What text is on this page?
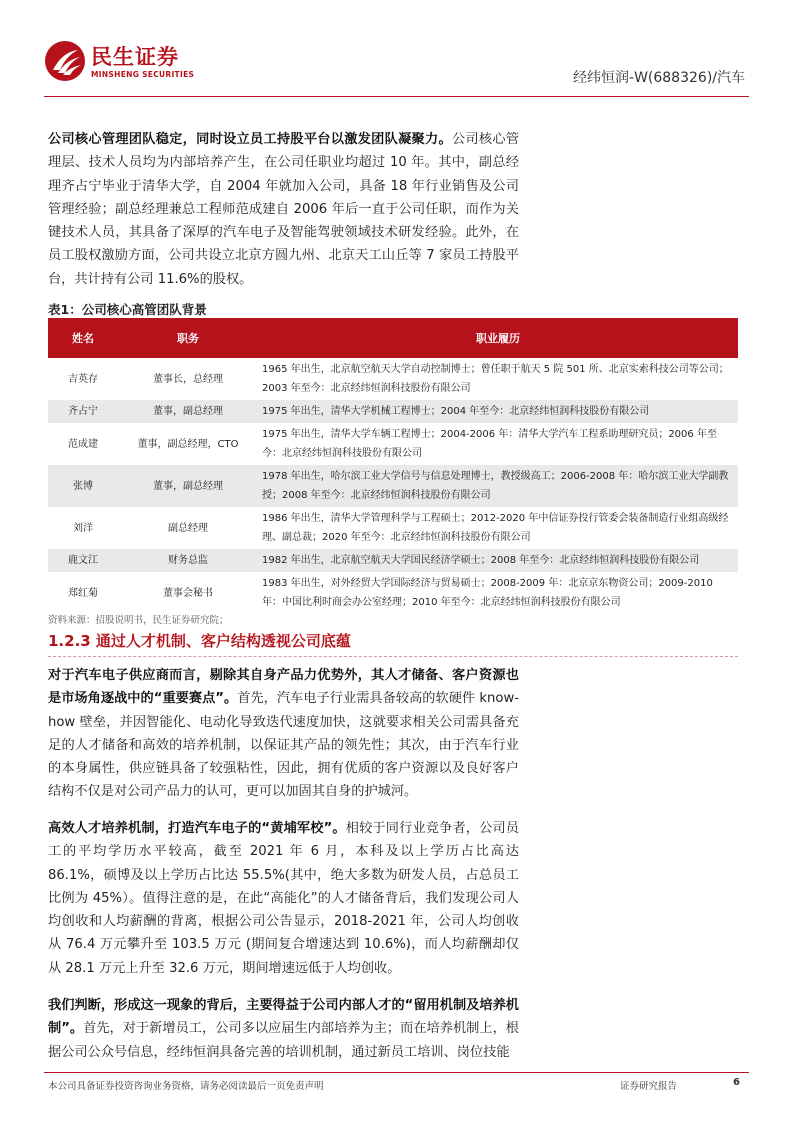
民生证券
MINSHENG SECURITIES	经纬恒润-W(688326)/汽车

公司核心管理团队稳定，同时设立员工持股平台以激发团队凝聚力。公司核心管理层、技术人员均为内部培养产生，在公司任职业均超过 10 年。其中，副总经理齐占宁毕业于清华大学，自 2004 年就加入公司，具备 18 年行业销售及公司管理经验；副总经理兼总工程师范成建自 2006 年后一直于公司任职，而作为关键技术人员，其具备了深厚的汽车电子及智能驾驶领域技术研发经验。此外，在员工股权激励方面，公司共设立北京方圆九州、北京天工山丘等 7 家员工持股平台，共计持有公司 11.6%的股权。

表1：公司核心高管团队背景
姓名	职务	职业履历
吉英存	董事长，总经理	1965 年出生，北京航空航天大学自动控制博士；曾任职于航天 5 院 501 所、北京实索科技公司等公司；2003 年至今：北京经纬恒润科技股份有限公司
齐占宁	董事，副总经理	1975 年出生，清华大学机械工程博士；2004 年至今：北京经纬恒润科技股份有限公司
范成建	董事，副总经理，CTO	1975 年出生，清华大学车辆工程博士；2004-2006 年：清华大学汽车工程系助理研究员；2006 年至今：北京经纬恒润科技股份有限公司
张博	董事，副总经理	1978 年出生，哈尔滨工业大学信号与信息处理博士，教授级高工；2006-2008 年：哈尔滨工业大学副教授；2008 年至今：北京经纬恒润科技股份有限公司
刘洋	副总经理	1986 年出生，清华大学管理科学与工程硕士；2012-2020 年中信证券投行管委会装备制造行业组高级经理、副总裁；2020 年至今：北京经纬恒润科技股份有限公司
鹿文江	财务总监	1982 年出生，北京航空航天大学国民经济学硕士；2008 年至今：北京经纬恒润科技股份有限公司
郑红菊	董事会秘书	1983 年出生，对外经贸大学国际经济与贸易硕士；2008-2009 年：北京京东物资公司；2009-2010 年：中国比利时商会办公室经理；2010 年至今：北京经纬恒润科技股份有限公司
资料来源：招股说明书，民生证券研究院；
1.2.3 通过人才机制、客户结构透视公司底蕴

对于汽车电子供应商而言，剔除其自身产品力优势外，其人才储备、客户资源也是市场角逐战中的“重要赛点”。首先，汽车电子行业需具备较高的软硬件 know-how 壁垒，并因智能化、电动化导致迭代速度加快，这就要求相关公司需具备充足的人才储备和高效的培养机制，以保证其产品的领先性；其次，由于汽车行业的本身属性，供应链具备了较强粘性，因此，拥有优质的客户资源以及良好客户结构不仅是对公司产品力的认可，更可以加固其自身的护城河。

高效人才培养机制，打造汽车电子的“黄埔军校”。相较于同行业竞争者，公司员工的平均学历水平较高，截至 2021 年 6 月，本科及以上学历占比高达 86.1%，硕博及以上学历占比达 55.5%(其中，绝大多数为研发人员，占总员工比例为 45%）。值得注意的是，在此“高能化”的人才储备背后，我们发现公司人均创收和人均薪酬的背离，根据公司公告显示，2018-2021 年，公司人均创收从 76.4 万元攀升至 103.5 万元 (期间复合增速达到 10.6%)，而人均薪酬却仅从 28.1 万元上升至 32.6 万元，期间增速远低于人均创收。

我们判断，形成这一现象的背后，主要得益于公司内部人才的“留用机制及培养机制”。首先，对于新增员工，公司多以应届生内部培养为主；而在培养机制上，根据公司公众号信息，经纬恒润具备完善的培训机制，通过新员工培训、岗位技能

本公司具备证券投资咨询业务资格，请务必阅读最后一页免责声明	证券研究报告	6
